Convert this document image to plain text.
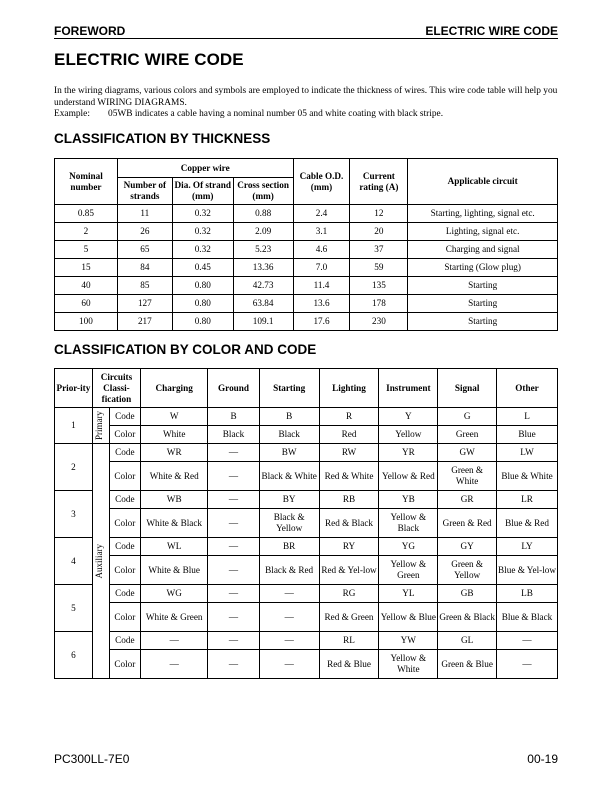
FOREWORD	ELECTRIC WIRE CODE
ELECTRIC WIRE CODE

In the wiring diagrams, various colors and symbols are employed to indicate the thickness of wires. This wire code table will help you understand WIRING DIAGRAMS.

Example: 05WB indicates a cable having a nominal number 05 and white coating with black stripe.

CLASSIFICATION BY THICKNESS
Nominal number	Copper wire			Cable O.D. (mm)	Current rating (A)	Applicable circuit
	Number of strands	Dia. Of strand (mm)	Cross section (mm)			
0.85	11	0.32	0.88	2.4	12	Starting, lighting, signal etc.
2	26	0.32	2.09	3.1	20	Lighting, signal etc.
5	65	0.32	5.23	4.6	37	Charging and signal
15	84	0.45	13.36	7.0	59	Starting (Glow plug)
40	85	0.80	42.73	11.4	135	Starting
60	127	0.80	63.84	13.6	178	Starting
100	217	0.80	109.1	17.6	230	Starting
CLASSIFICATION BY COLOR AND CODE
Prior-ity	Circuits Classi-fication		Charging	Ground	Starting	Lighting	Instrument	Signal	Other
1	Primary	Code	W	B	B	R	Y	G	L
		Color	White	Black	Black	Red	Yellow	Green	Blue
2	Auxiliary	Code	WR	—	BW	RW	YR	GW	LW
		Color	White & Red	—	Black & White	Red & White	Yellow & Red	Green & White	Blue & White
3		Code	WB	—	BY	RB	YB	GR	LR
		Color	White & Black	—	Black & Yellow	Red & Black	Yellow & Black	Green & Red	Blue & Red
4		Code	WL	—	BR	RY	YG	GY	LY
		Color	White & Blue	—	Black & Red	Red & Yel-low	Yellow & Green	Green & Yellow	Blue & Yel-low
5		Code	WG	—	—	RG	YL	GB	LB
		Color	White & Green	—	—	Red & Green	Yellow & Blue	Green & Black	Blue & Black
6		Code	—	—	—	RL	YW	GL	—
		Color	—	—	—	Red & Blue	Yellow & White	Green & Blue	—
PC300LL-7E0	00-19
